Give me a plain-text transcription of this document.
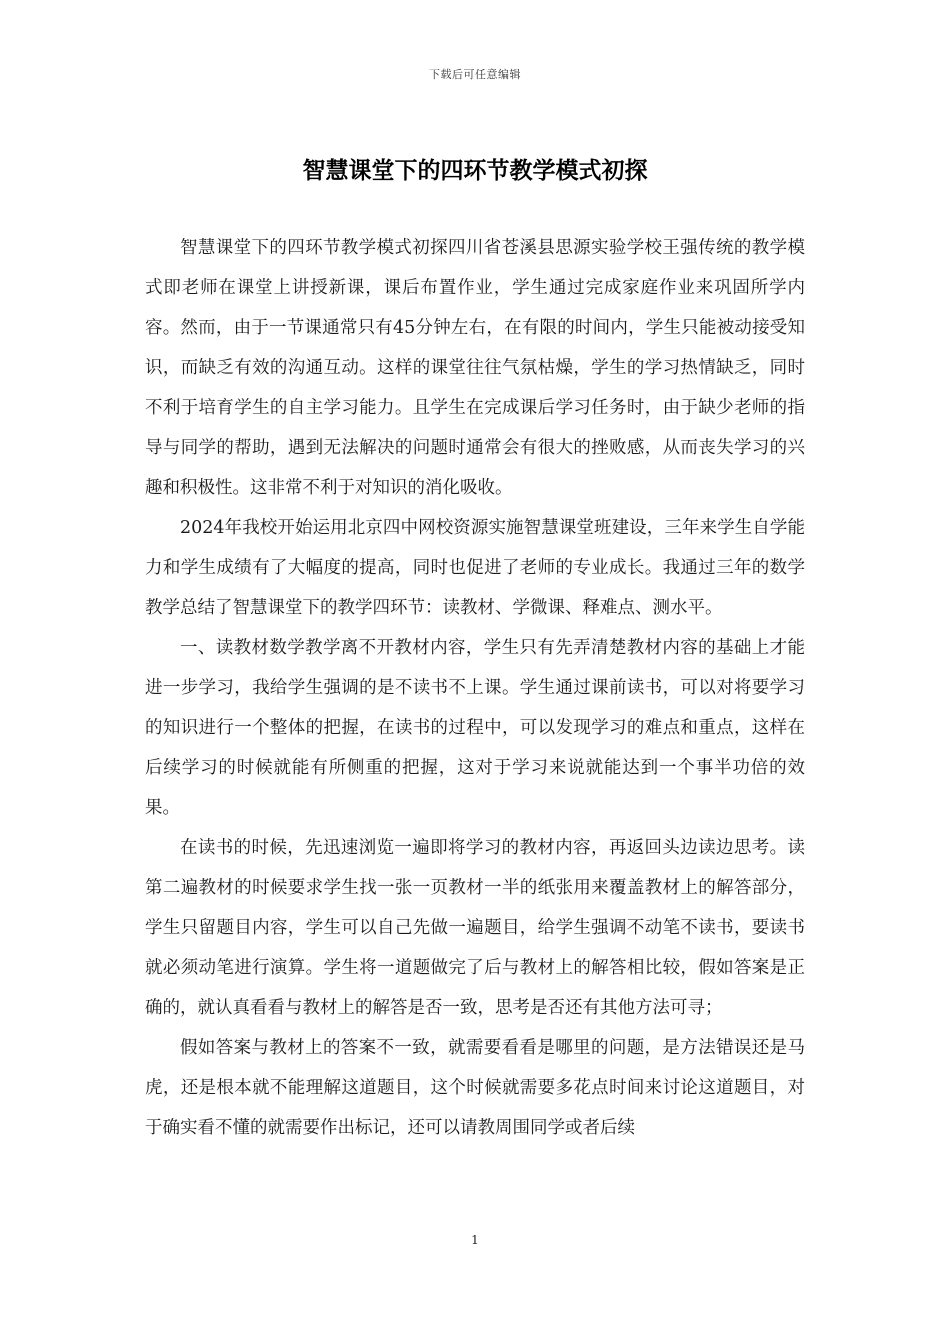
下载后可任意编辑
智慧课堂下的四环节教学模式初探

智慧课堂下的四环节教学模式初探四川省苍溪县思源实验学校王强传统的教学模式即老师在课堂上讲授新课，课后布置作业，学生通过完成家庭作业来巩固所学内容。然而，由于一节课通常只有45分钟左右，在有限的时间内，学生只能被动接受知识，而缺乏有效的沟通互动。这样的课堂往往气氛枯燥，学生的学习热情缺乏，同时不利于培育学生的自主学习能力。且学生在完成课后学习任务时，由于缺少老师的指导与同学的帮助，遇到无法解决的问题时通常会有很大的挫败感，从而丧失学习的兴趣和积极性。这非常不利于对知识的消化吸收。

2024年我校开始运用北京四中网校资源实施智慧课堂班建设，三年来学生自学能力和学生成绩有了大幅度的提高，同时也促进了老师的专业成长。我通过三年的数学教学总结了智慧课堂下的教学四环节：读教材、学微课、释难点、测水平。

一、读教材数学教学离不开教材内容，学生只有先弄清楚教材内容的基础上才能进一步学习，我给学生强调的是不读书不上课。学生通过课前读书，可以对将要学习的知识进行一个整体的把握，在读书的过程中，可以发现学习的难点和重点，这样在后续学习的时候就能有所侧重的把握，这对于学习来说就能达到一个事半功倍的效果。

在读书的时候，先迅速浏览一遍即将学习的教材内容，再返回头边读边思考。读第二遍教材的时候要求学生找一张一页教材一半的纸张用来覆盖教材上的解答部分，学生只留题目内容，学生可以自己先做一遍题目，给学生强调不动笔不读书，要读书就必须动笔进行演算。学生将一道题做完了后与教材上的解答相比较，假如答案是正确的，就认真看看与教材上的解答是否一致，思考是否还有其他方法可寻；

假如答案与教材上的答案不一致，就需要看看是哪里的问题，是方法错误还是马虎，还是根本就不能理解这道题目，这个时候就需要多花点时间来讨论这道题目，对于确实看不懂的就需要作出标记，还可以请教周围同学或者后续

1
